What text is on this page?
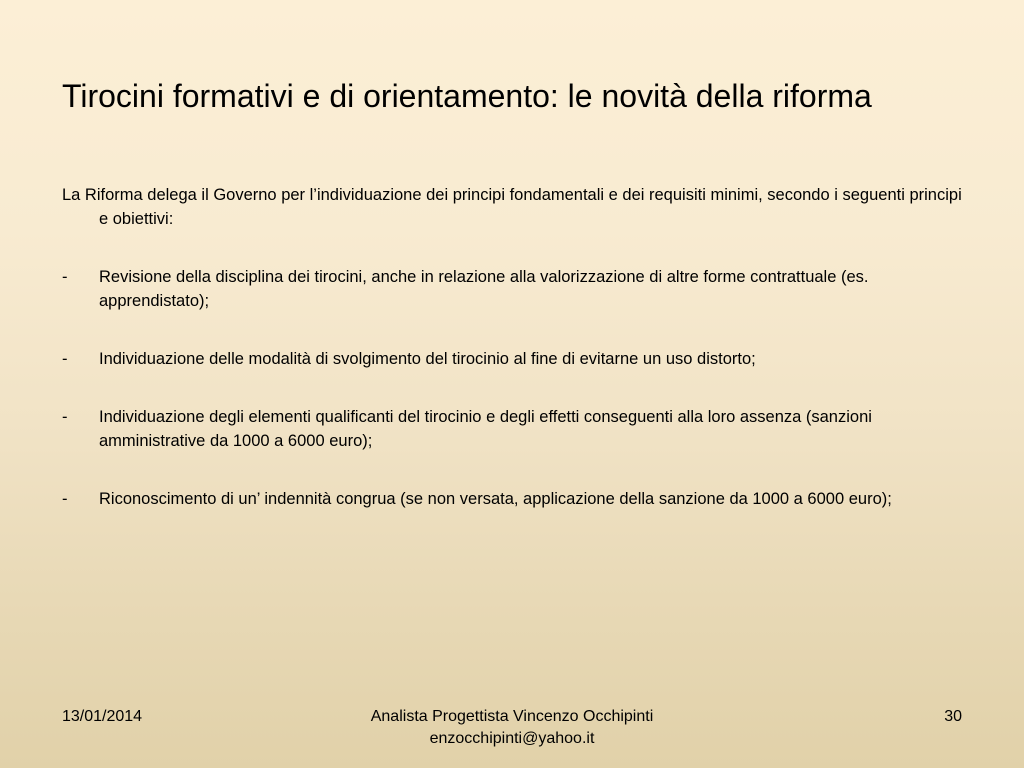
Tirocini formativi e di orientamento: le novità della riforma

La Riforma delega il Governo per l’individuazione dei principi fondamentali e dei requisiti minimi, secondo i seguenti principi e obiettivi:

-	Revisione della disciplina dei tirocini, anche in relazione alla valorizzazione di altre forme contrattuale (es. apprendistato);
-	Individuazione delle modalità di svolgimento del tirocinio al fine di evitarne un uso distorto;
-	Individuazione degli elementi qualificanti del tirocinio e degli effetti conseguenti alla loro assenza (sanzioni amministrative da 1000 a 6000 euro);
-	Riconoscimento di un’ indennità congrua (se non versata, applicazione della sanzione da 1000 a 6000 euro);
13/01/2014	Analista Progettista Vincenzo Occhipinti
enzocchipinti@yahoo.it
30
